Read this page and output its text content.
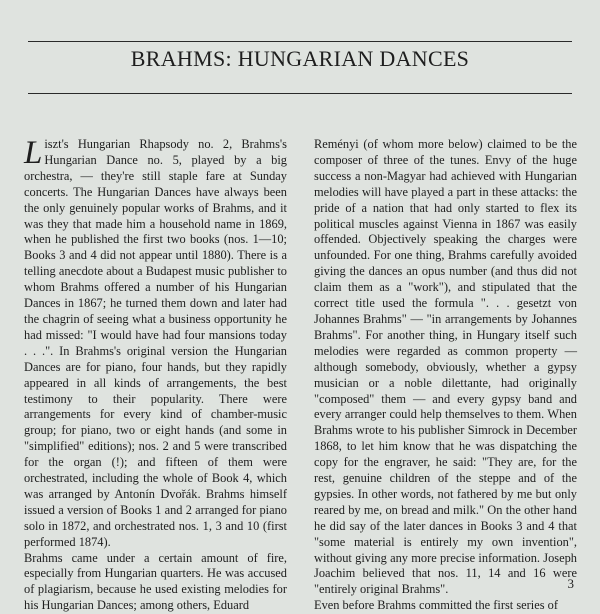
BRAHMS: HUNGARIAN DANCES

Liszt's Hungarian Rhapsody no. 2, Brahms's Hungarian Dance no. 5, played by a big orchestra, — they're still staple fare at Sunday concerts. The Hungarian Dances have always been the only genuinely popular works of Brahms, and it was they that made him a household name in 1869, when he published the first two books (nos. 1—10; Books 3 and 4 did not appear until 1880). There is a telling anecdote about a Budapest music publisher to whom Brahms offered a number of his Hungarian Dances in 1867; he turned them down and later had the chagrin of seeing what a business opportunity he had missed: "I would have had four mansions today . . .". In Brahms's original version the Hungarian Dances are for piano, four hands, but they rapidly appeared in all kinds of arrangements, the best testimony to their popularity. There were arrangements for every kind of chamber-music group; for piano, two or eight hands (and some in "simplified" editions); nos. 2 and 5 were transcribed for the organ (!); and fifteen of them were orchestrated, including the whole of Book 4, which was arranged by Antonín Dvořák. Brahms himself issued a version of Books 1 and 2 arranged for piano solo in 1872, and orchestrated nos. 1, 3 and 10 (first performed 1874).

Brahms came under a certain amount of fire, especially from Hungarian quarters. He was accused of plagiarism, because he used existing melodies for his Hungarian Dances; among others, Eduard

Reményi (of whom more below) claimed to be the composer of three of the tunes. Envy of the huge success a non-Magyar had achieved with Hungarian melodies will have played a part in these attacks: the pride of a nation that had only started to flex its political muscles against Vienna in 1867 was easily offended. Objectively speaking the charges were unfounded. For one thing, Brahms carefully avoided giving the dances an opus number (and thus did not claim them as a "work"), and stipulated that the correct title used the formula ". . . gesetzt von Johannes Brahms" — "in arrangements by Johannes Brahms". For another thing, in Hungary itself such melodies were regarded as common property — although somebody, obviously, whether a gypsy musician or a noble dilettante, had originally "composed" them — and every gypsy band and every arranger could help themselves to them. When Brahms wrote to his publisher Simrock in December 1868, to let him know that he was dispatching the copy for the engraver, he said: "They are, for the rest, genuine children of the steppe and of the gypsies. In other words, not fathered by me but only reared by me, on bread and milk." On the other hand he did say of the later dances in Books 3 and 4 that "some material is entirely my own invention", without giving any more precise information. Joseph Joachim believed that nos. 11, 14 and 16 were "entirely original Brahms".

Even before Brahms committed the first series of

3
